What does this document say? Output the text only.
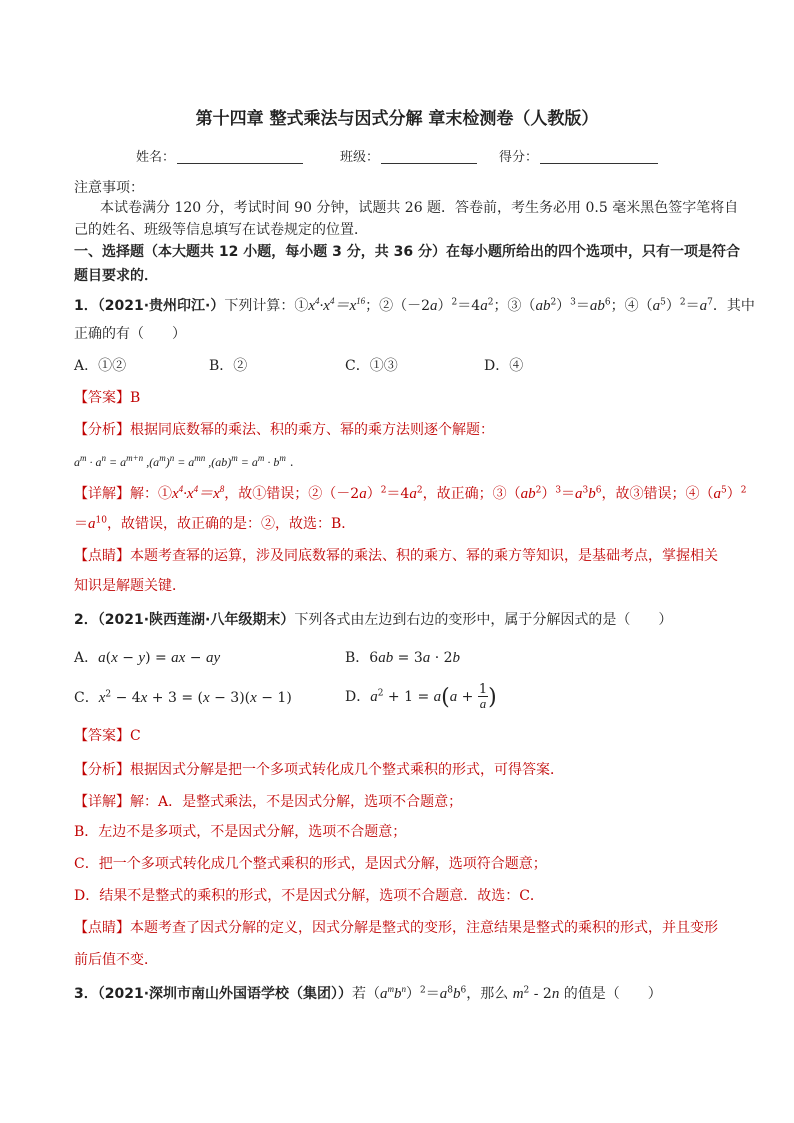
第十四章 整式乘法与因式分解 章末检测卷（人教版）
姓名：	班级：	得分：
注意事项：
本试卷满分 120 分，考试时间 90 分钟，试题共 26 题．答卷前，考生务必用 0.5 毫米黑色签字笔将自
己的姓名、班级等信息填写在试卷规定的位置．
一、选择题（本大题共 12 小题，每小题 3 分，共 36 分）在每小题所给出的四个选项中，只有一项是符合
题目要求的．
1．（2021·贵州印江·）下列计算：$①x^4\cdot x^4=x^{16}$；$②(-2a)^2=4a^2$；$③(ab^2)^3=ab^6$；$④(a^5)^2=a^7$．其中
正确的有（　　）
A．①②	B．②	C．①③	D．④
【答案】B
【分析】根据同底数幂的乘法、积的乘方、幂的乘方法则逐个解题：
$a^m \cdot a^n = a^{m+n}$ $,(a^m)^n = a^{mn}$ $,(ab)^m = a^m \cdot b^m$ .
【详解】解：$①x^4\cdot x^4=x^8$，故①错误；$②(-2a)^2=4a^2$，故正确；$③(ab^2)^3=a^3b^6$，故③错误；$④(a^5)^2$
$=a^{10}$，故错误，故正确的是：②，故选：B．
【点睛】本题考查幂的运算，涉及同底数幂的乘法、积的乘方、幂的乘方等知识，是基础考点，掌握相关
知识是解题关键．
2．（2021·陕西莲湖·八年级期末）下列各式由左边到右边的变形中，属于分解因式的是（　　）
A．a(x − y) = ax − ay	B．6ab = 3a · 2b
C．$x^2 - 4x + 3 = (x - 3)(x - 1)$	D．$a^2 + 1 = a(a + \frac{1}{a}$ )
【答案】C
【分析】根据因式分解是把一个多项式转化成几个整式乘积的形式，可得答案．
【详解】解：A．是整式乘法，不是因式分解，选项不合题意；
B．左边不是多项式，不是因式分解，选项不合题意；
C．把一个多项式转化成几个整式乘积的形式，是因式分解，选项符合题意；
D．结果不是整式的乘积的形式，不是因式分解，选项不合题意．故选：C．
【点睛】本题考查了因式分解的定义，因式分解是整式的变形，注意结果是整式的乘积的形式，并且变形
前后值不变．
3．（2021·深圳市南山外国语学校（集团））若$(a^mb^n)^2=a^8b^6$，那么 $m^2 - 2n$ 的值是（　　）
